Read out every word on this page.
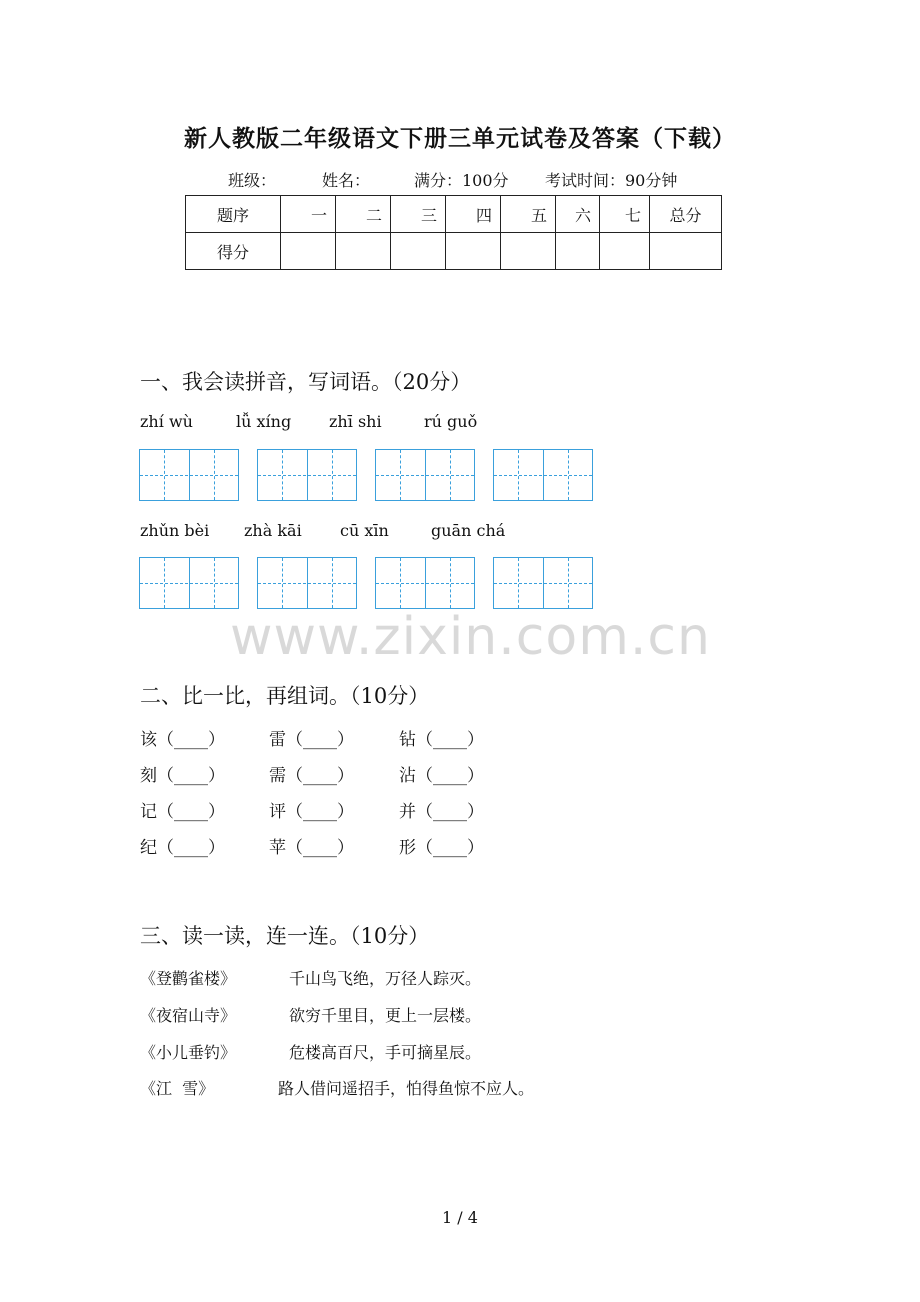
新人教版二年级语文下册三单元试卷及答案（下载）
班级：	姓名：	满分：100分 考试时间：90分钟
题序	一	二	三	四	五	六	七	总分
得分								
一、我会读拼音，写词语。（20分）
zhí wù	lǚ xíng zhī shi	rú guǒ
zhǔn bèi zhà kāi cū xīn	guān chá
www.zixin.com.cn
二、比一比，再组词。（10分）
该（____）	雷（____）	钻（____）
刻（____）	需（____）	沾（____）
记（____）	评（____）	并（____）
纪（____）	苹（____）	形（____）
三、读一读，连一连。（10分）
《登鹳雀楼》	千山鸟飞绝，万径人踪灭。
《夜宿山寺》	欲穷千里目，更上一层楼。
《小儿垂钓》	危楼高百尺，手可摘星辰。
《江  雪》	路人借问遥招手，怕得鱼惊不应人。
1 / 4
